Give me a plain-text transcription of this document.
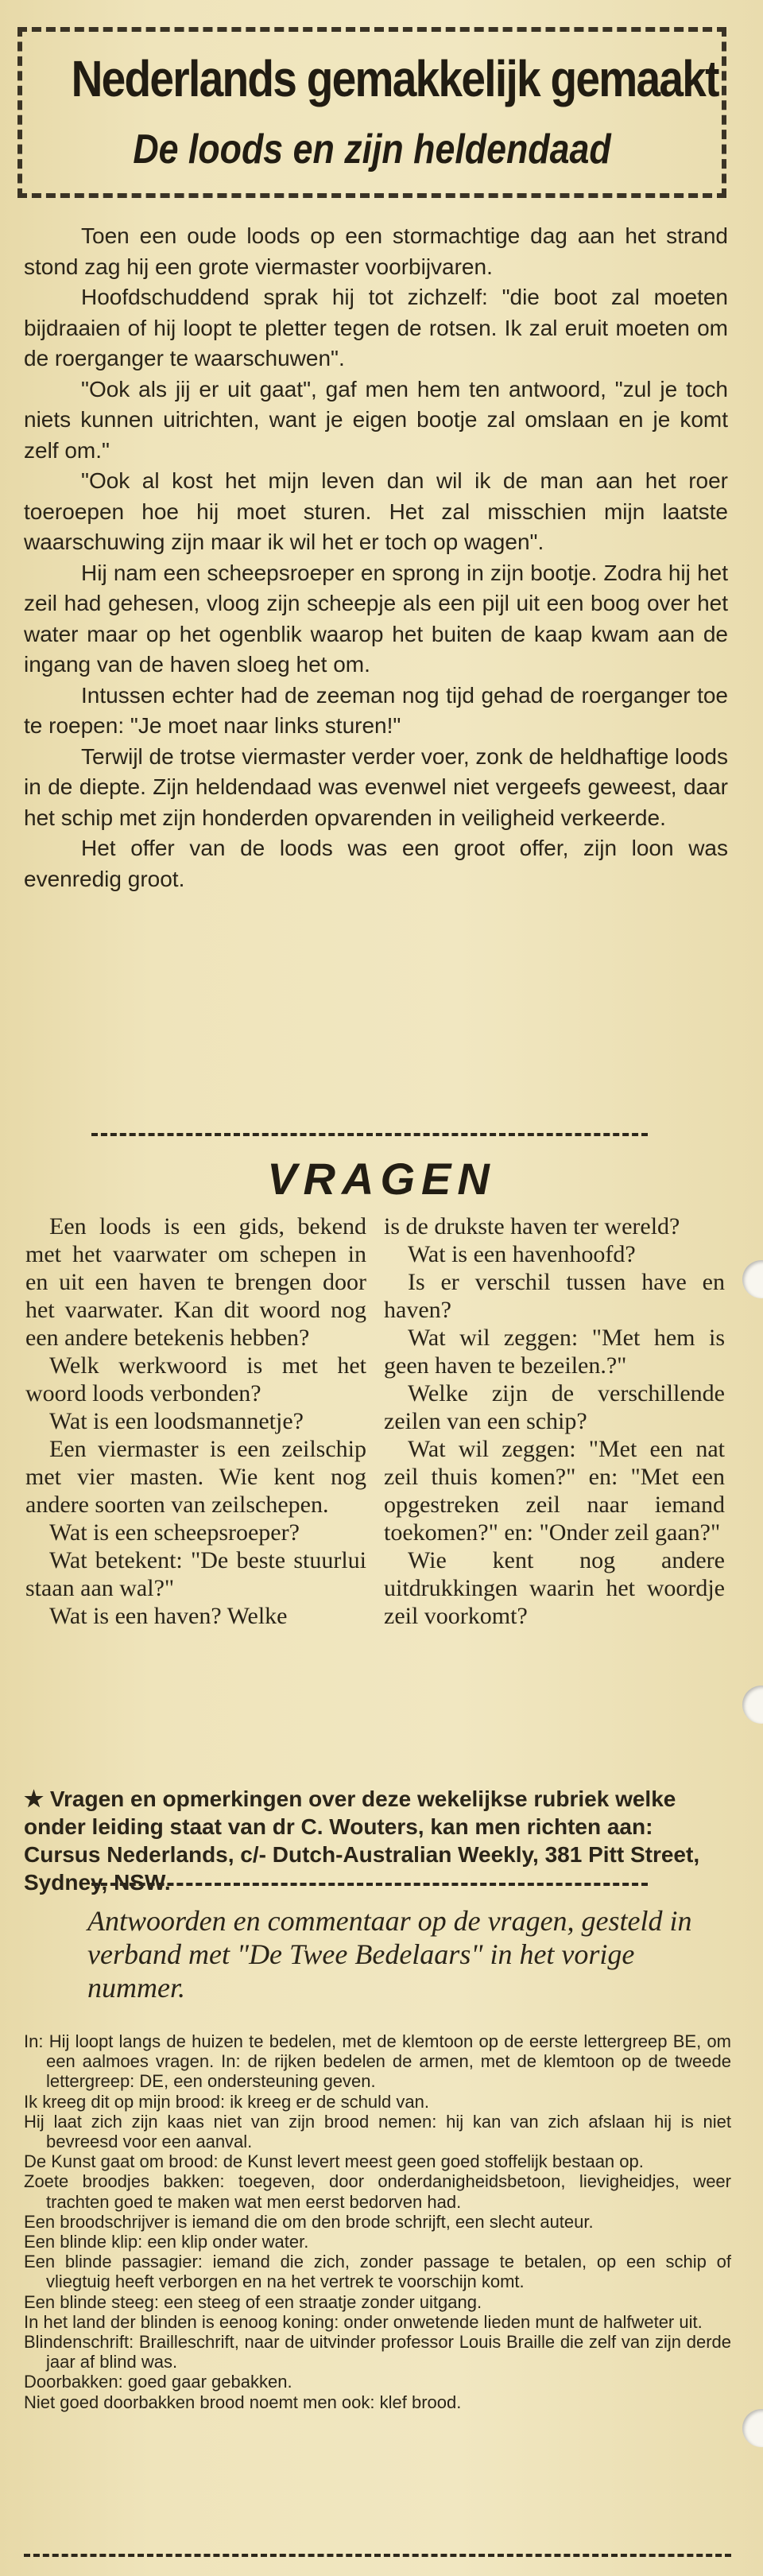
Nederlands gemakkelijk gemaakt
De loods en zijn heldendaad

Toen een oude loods op een stormachtige dag aan het strand stond zag hij een grote viermaster voorbijvaren.

Hoofdschuddend sprak hij tot zichzelf: "die boot zal moeten bijdraaien of hij loopt te pletter tegen de rotsen. Ik zal eruit moeten om de roerganger te waarschuwen".

"Ook als jij er uit gaat", gaf men hem ten antwoord, "zul je toch niets kunnen uitrichten, want je eigen bootje zal omslaan en je komt zelf om."

"Ook al kost het mijn leven dan wil ik de man aan het roer toeroepen hoe hij moet sturen. Het zal misschien mijn laatste waarschuwing zijn maar ik wil het er toch op wagen".

Hij nam een scheepsroeper en sprong in zijn bootje. Zodra hij het zeil had gehesen, vloog zijn scheepje als een pijl uit een boog over het water maar op het ogenblik waarop het buiten de kaap kwam aan de ingang van de haven sloeg het om.

Intussen echter had de zeeman nog tijd gehad de roerganger toe te roepen: "Je moet naar links sturen!"

Terwijl de trotse viermaster verder voer, zonk de heldhaftige loods in de diepte. Zijn heldendaad was evenwel niet vergeefs geweest, daar het schip met zijn honderden opvarenden in veiligheid verkeerde.

Het offer van de loods was een groot offer, zijn loon was evenredig groot.

VRAGEN

Een loods is een gids, bekend met het vaarwater om schepen in en uit een haven te brengen door het vaarwater. Kan dit woord nog een andere betekenis hebben?

Welk werkwoord is met het woord loods verbonden?

Wat is een loodsmannetje?

Een viermaster is een zeilschip met vier masten. Wie kent nog andere soorten van zeilschepen.

Wat is een scheepsroeper?

Wat betekent: "De beste stuurlui staan aan wal?"

Wat is een haven? Welke

is de drukste haven ter wereld?

Wat is een havenhoofd?

Is er verschil tussen have en haven?

Wat wil zeggen: "Met hem is geen haven te bezeilen.?"

Welke zijn de verschillende zeilen van een schip?

Wat wil zeggen: "Met een nat zeil thuis komen?" en: "Met een opgestreken zeil naar iemand toekomen?" en: "Onder zeil gaan?"

Wie kent nog andere uitdrukkingen waarin het woordje zeil voorkomt?

★ Vragen en opmerkingen over deze wekelijkse rubriek welke onder leiding staat van dr C. Wouters, kan men richten aan: Cursus Nederlands, c/- Dutch-Australian Weekly, 381 Pitt Street, Sydney, NSW.
Antwoorden en commentaar op de vragen, gesteld in verband met "De Twee Bedelaars" in het vorige nummer.

In: Hij loopt langs de huizen te bedelen, met de klemtoon op de eerste lettergreep BE, om een aalmoes vragen. In: de rijken bedelen de armen, met de klemtoon op de tweede lettergreep: DE, een ondersteuning geven.

Ik kreeg dit op mijn brood: ik kreeg er de schuld van.

Hij laat zich zijn kaas niet van zijn brood nemen: hij kan van zich afslaan hij is niet bevreesd voor een aanval.

De Kunst gaat om brood: de Kunst levert meest geen goed stoffelijk bestaan op.

Zoete broodjes bakken: toegeven, door onderdanigheidsbetoon, lievigheidjes, weer trachten goed te maken wat men eerst bedorven had.

Een broodschrijver is iemand die om den brode schrijft, een slecht auteur.

Een blinde klip: een klip onder water.

Een blinde passagier: iemand die zich, zonder passage te betalen, op een schip of vliegtuig heeft verborgen en na het vertrek te voorschijn komt.

Een blinde steeg: een steeg of een straatje zonder uitgang.

In het land der blinden is eenoog koning: onder onwetende lieden munt de halfweter uit.

Blindenschrift: Brailleschrift, naar de uitvinder professor Louis Braille die zelf van zijn derde jaar af blind was.

Doorbakken: goed gaar gebakken.

Niet goed doorbakken brood noemt men ook: klef brood.
